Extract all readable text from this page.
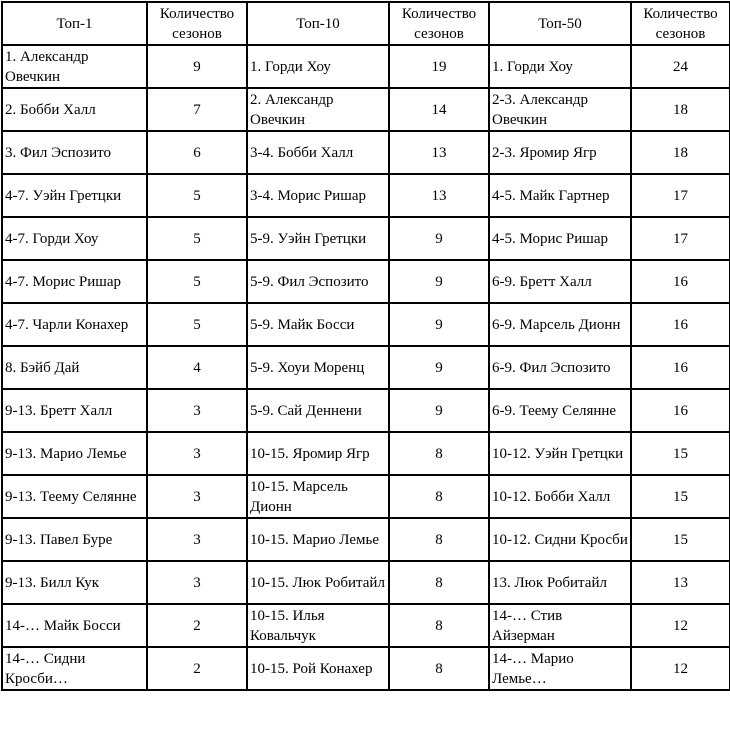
Топ-1	Количество сезонов	Топ-10	Количество сезонов	Топ-50	Количество сезонов
1. Александр Овечкин	9	1. Горди Хоу	19	1. Горди Хоу	24
2. Бобби Халл	7	2. Александр Овечкин	14	2-3. Александр Овечкин	18
3. Фил Эспозито	6	3-4. Бобби Халл	13	2-3. Яромир Ягр	18
4-7. Уэйн Гретцки	5	3-4. Морис Ришар	13	4-5. Майк Гартнер	17
4-7. Горди Хоу	5	5-9. Уэйн Гретцки	9	4-5. Морис Ришар	17
4-7. Морис Ришар	5	5-9. Фил Эспозито	9	6-9. Бретт Халл	16
4-7. Чарли Конахер	5	5-9. Майк Босси	9	6-9. Марсель Дионн	16
8. Бэйб Дай	4	5-9. Хоуи Моренц	9	6-9. Фил Эспозито	16
9-13. Бретт Халл	3	5-9. Сай Деннени	9	6-9. Теему Селянне	16
9-13. Марио Лемье	3	10-15. Яромир Ягр	8	10-12. Уэйн Гретцки	15
9-13. Теему Селянне	3	10-15. Марсель Дионн	8	10-12. Бобби Халл	15
9-13. Павел Буре	3	10-15. Марио Лемье	8	10-12. Сидни Кросби	15
9-13. Билл Кук	3	10-15. Люк Робитайл	8	13. Люк Робитайл	13
14-… Майк Босси	2	10-15. Илья Ковальчук	8	14-… Стив Айзерман	12
14-… Сидни Кросби…	2	10-15. Рой Конахер	8	14-… Марио Лемье…	12
